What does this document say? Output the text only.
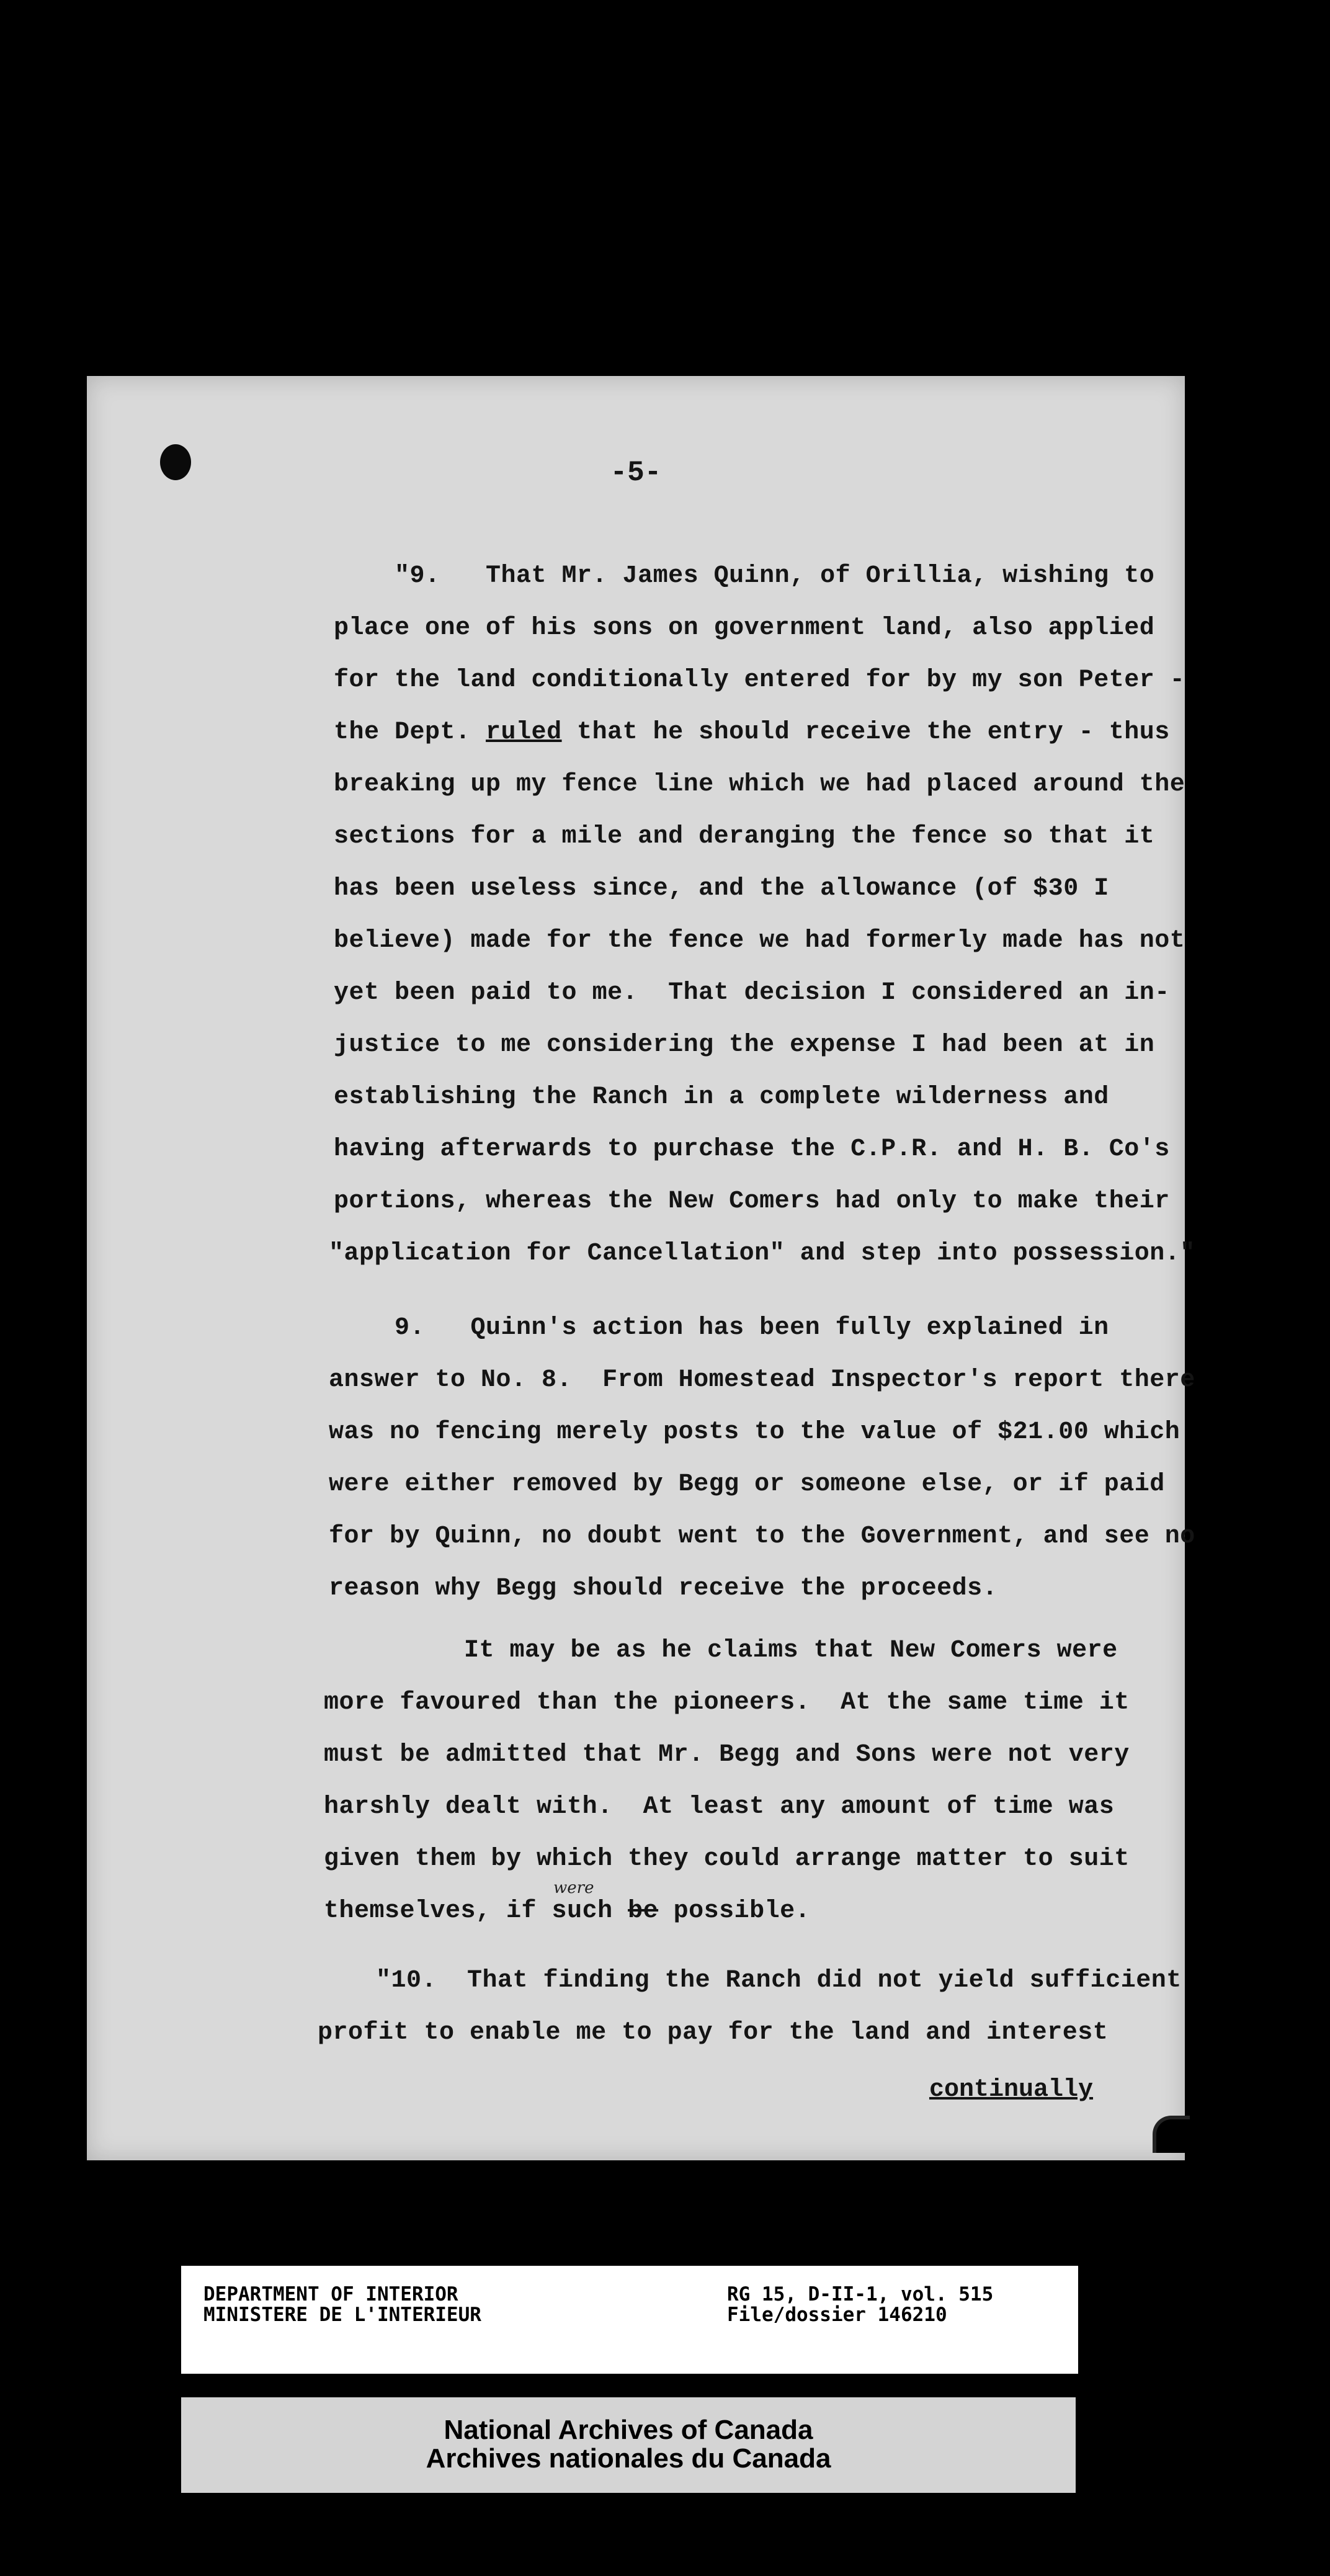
-5-
"9.   That Mr. James Quinn, of Orillia, wishing to
place one of his sons on government land, also applied
for the land conditionally entered for by my son Peter -
the Dept. ruled that he should receive the entry - thus
breaking up my fence line which we had placed around the
sections for a mile and deranging the fence so that it
has been useless since, and the allowance (of $30 I
believe) made for the fence we had formerly made has not
yet been paid to me.  That decision I considered an in-
justice to me considering the expense I had been at in
establishing the Ranch in a complete wilderness and
having afterwards to purchase the C.P.R. and H. B. Co's
portions, whereas the New Comers had only to make their
"application for Cancellation" and step into possession."
9.   Quinn's action has been fully explained in
answer to No. 8.  From Homestead Inspector's report there
was no fencing merely posts to the value of $21.00 which
were either removed by Begg or someone else, or if paid
for by Quinn, no doubt went to the Government, and see no
reason why Begg should receive the proceeds.
It may be as he claims that New Comers were
more favoured than the pioneers.  At the same time it
must be admitted that Mr. Begg and Sons were not very
harshly dealt with.  At least any amount of time was
given them by which they could arrange matter to suit
themselves, if such be possible.
were
"10.  That finding the Ranch did not yield sufficient
profit to enable me to pay for the land and interest
continually
DEPARTMENT OF INTERIOR
MINISTERE DE L'INTERIEUR
RG 15, D-II-1, vol. 515
File/dossier 146210
National Archives of Canada
Archives nationales du Canada
